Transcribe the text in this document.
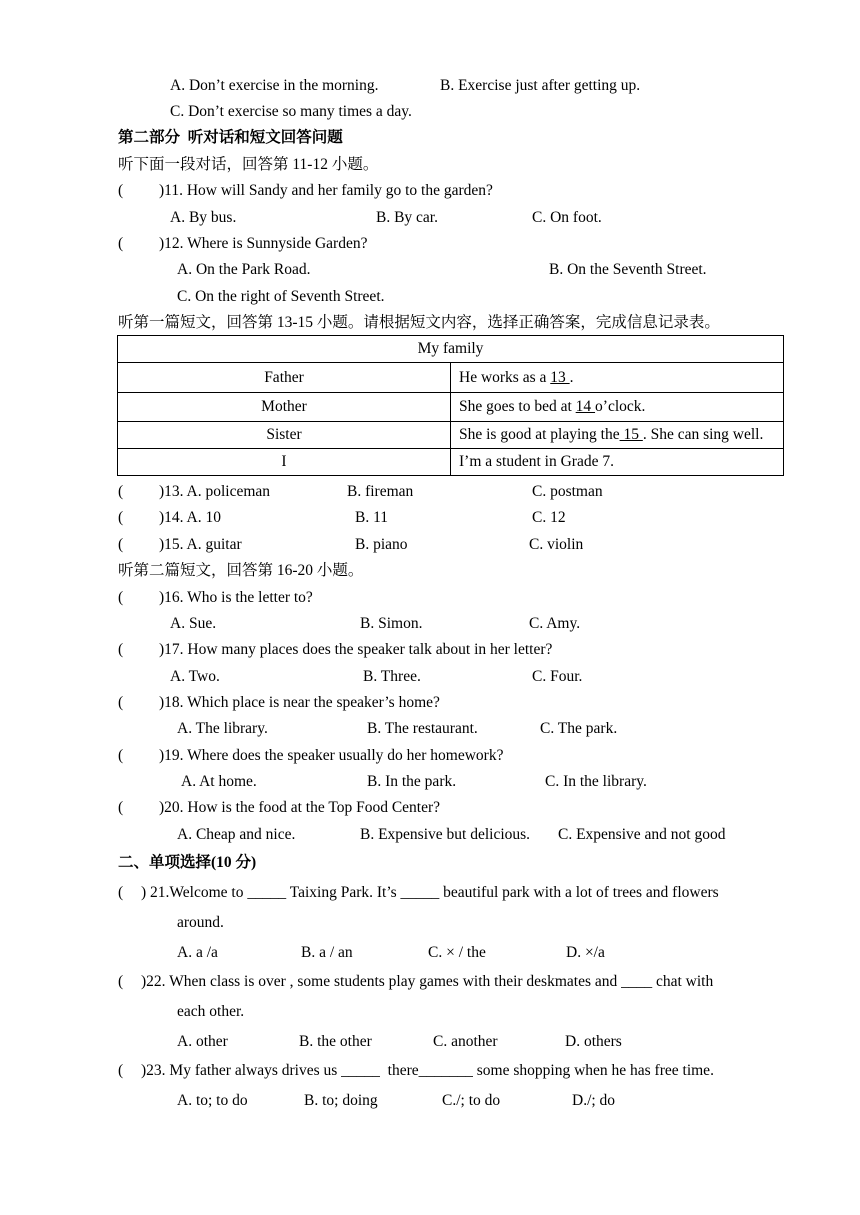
A. Don’t exercise in the morning.	B. Exercise just after getting up.
C. Don’t exercise so many times a day.
第二部分  听对话和短文回答问题
听下面一段对话，回答第 11-12 小题。
( )11. How will Sandy and her family go to the garden?
A. By bus.	B. By car.	C. On foot.
( )12. Where is Sunnyside Garden?
A. On the Park Road.	B. On the Seventh Street.
C. On the right of Seventh Street.
听第一篇短文，回答第 13-15 小题。请根据短文内容，选择正确答案，完成信息记录表。
My family	
Father	He works as a 13 .
Mother	She goes to bed at 14 o’clock.
Sister	She is good at playing the 15 . She can sing well.
I	I’m a student in Grade 7.
( )13. A. policeman	B. fireman	C. postman
( )14. A. 10	B. 11	C. 12
( )15. A. guitar	B. piano	C. violin
听第二篇短文，回答第 16-20 小题。
( )16. Who is the letter to?
A. Sue.	B. Simon.	C. Amy.
( )17. How many places does the speaker talk about in her letter?
A. Two.	B. Three.	C. Four.
( )18. Which place is near the speaker’s home?
A. The library.	B. The restaurant.	C. The park.
( )19. Where does the speaker usually do her homework?
A. At home.	B. In the park.	C. In the library.
( )20. How is the food at the Top Food Center?
A. Cheap and nice.	B. Expensive but delicious. C. Expensive and not good
二、单项选择(10 分)
( ) 21.Welcome to _____ Taixing Park. It’s _____ beautiful park with a lot of trees and flowers
around.
A. a /a	B. a / an	C. × / the	D. ×/a
( )22. When class is over , some students play games with their deskmates and ____ chat with
each other.
A. other	B. the other	C. another	D. others
( )23. My father always drives us _____  there_______ some shopping when he has free time.
A. to; to do	B. to; doing	C./; to do	D./; do
